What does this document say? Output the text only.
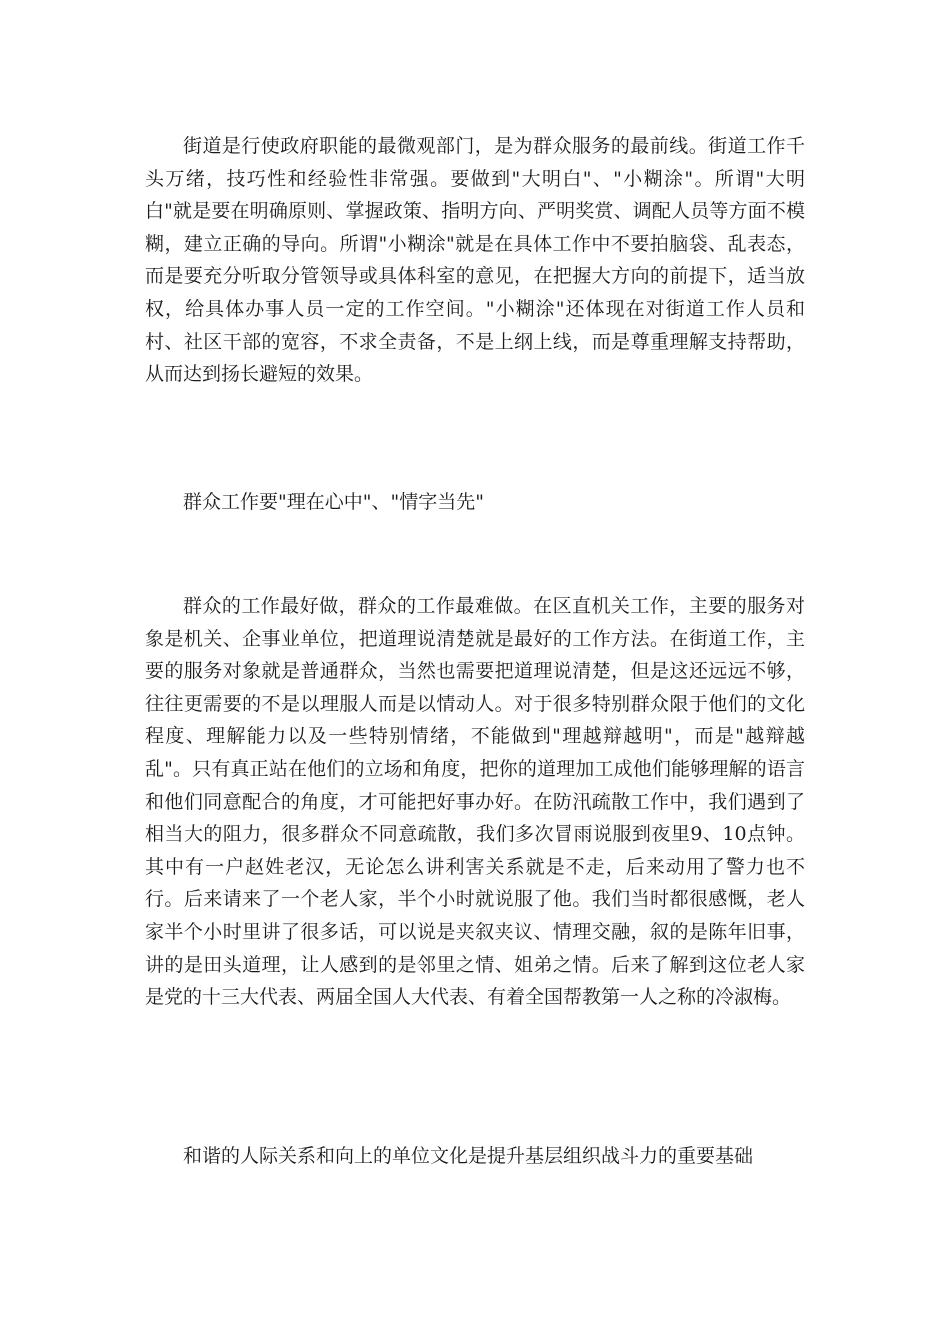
街道是行使政府职能的最微观部门，是为群众服务的最前线。街道工作千头万绪，技巧性和经验性非常强。要做到"大明白"、"小糊涂"。所谓"大明白"就是要在明确原则、掌握政策、指明方向、严明奖赏、调配人员等方面不模糊，建立正确的导向。所谓"小糊涂"就是在具体工作中不要拍脑袋、乱表态，而是要充分听取分管领导或具体科室的意见，在把握大方向的前提下，适当放权，给具体办事人员一定的工作空间。"小糊涂"还体现在对街道工作人员和村、社区干部的宽容，不求全责备，不是上纲上线，而是尊重理解支持帮助，从而达到扬长避短的效果。

群众工作要"理在心中"、"情字当先"

群众的工作最好做，群众的工作最难做。在区直机关工作，主要的服务对象是机关、企事业单位，把道理说清楚就是最好的工作方法。在街道工作，主要的服务对象就是普通群众，当然也需要把道理说清楚，但是这还远远不够，往往更需要的不是以理服人而是以情动人。对于很多特别群众限于他们的文化程度、理解能力以及一些特别情绪，不能做到"理越辩越明"，而是"越辩越乱"。只有真正站在他们的立场和角度，把你的道理加工成他们能够理解的语言和他们同意配合的角度，才可能把好事办好。在防汛疏散工作中，我们遇到了相当大的阻力，很多群众不同意疏散，我们多次冒雨说服到夜里9、10点钟。其中有一户赵姓老汉，无论怎么讲利害关系就是不走，后来动用了警力也不行。后来请来了一个老人家，半个小时就说服了他。我们当时都很感慨，老人家半个小时里讲了很多话，可以说是夹叙夹议、情理交融，叙的是陈年旧事，讲的是田头道理，让人感到的是邻里之情、姐弟之情。后来了解到这位老人家是党的十三大代表、两届全国人大代表、有着全国帮教第一人之称的冷淑梅。

和谐的人际关系和向上的单位文化是提升基层组织战斗力的重要基础
